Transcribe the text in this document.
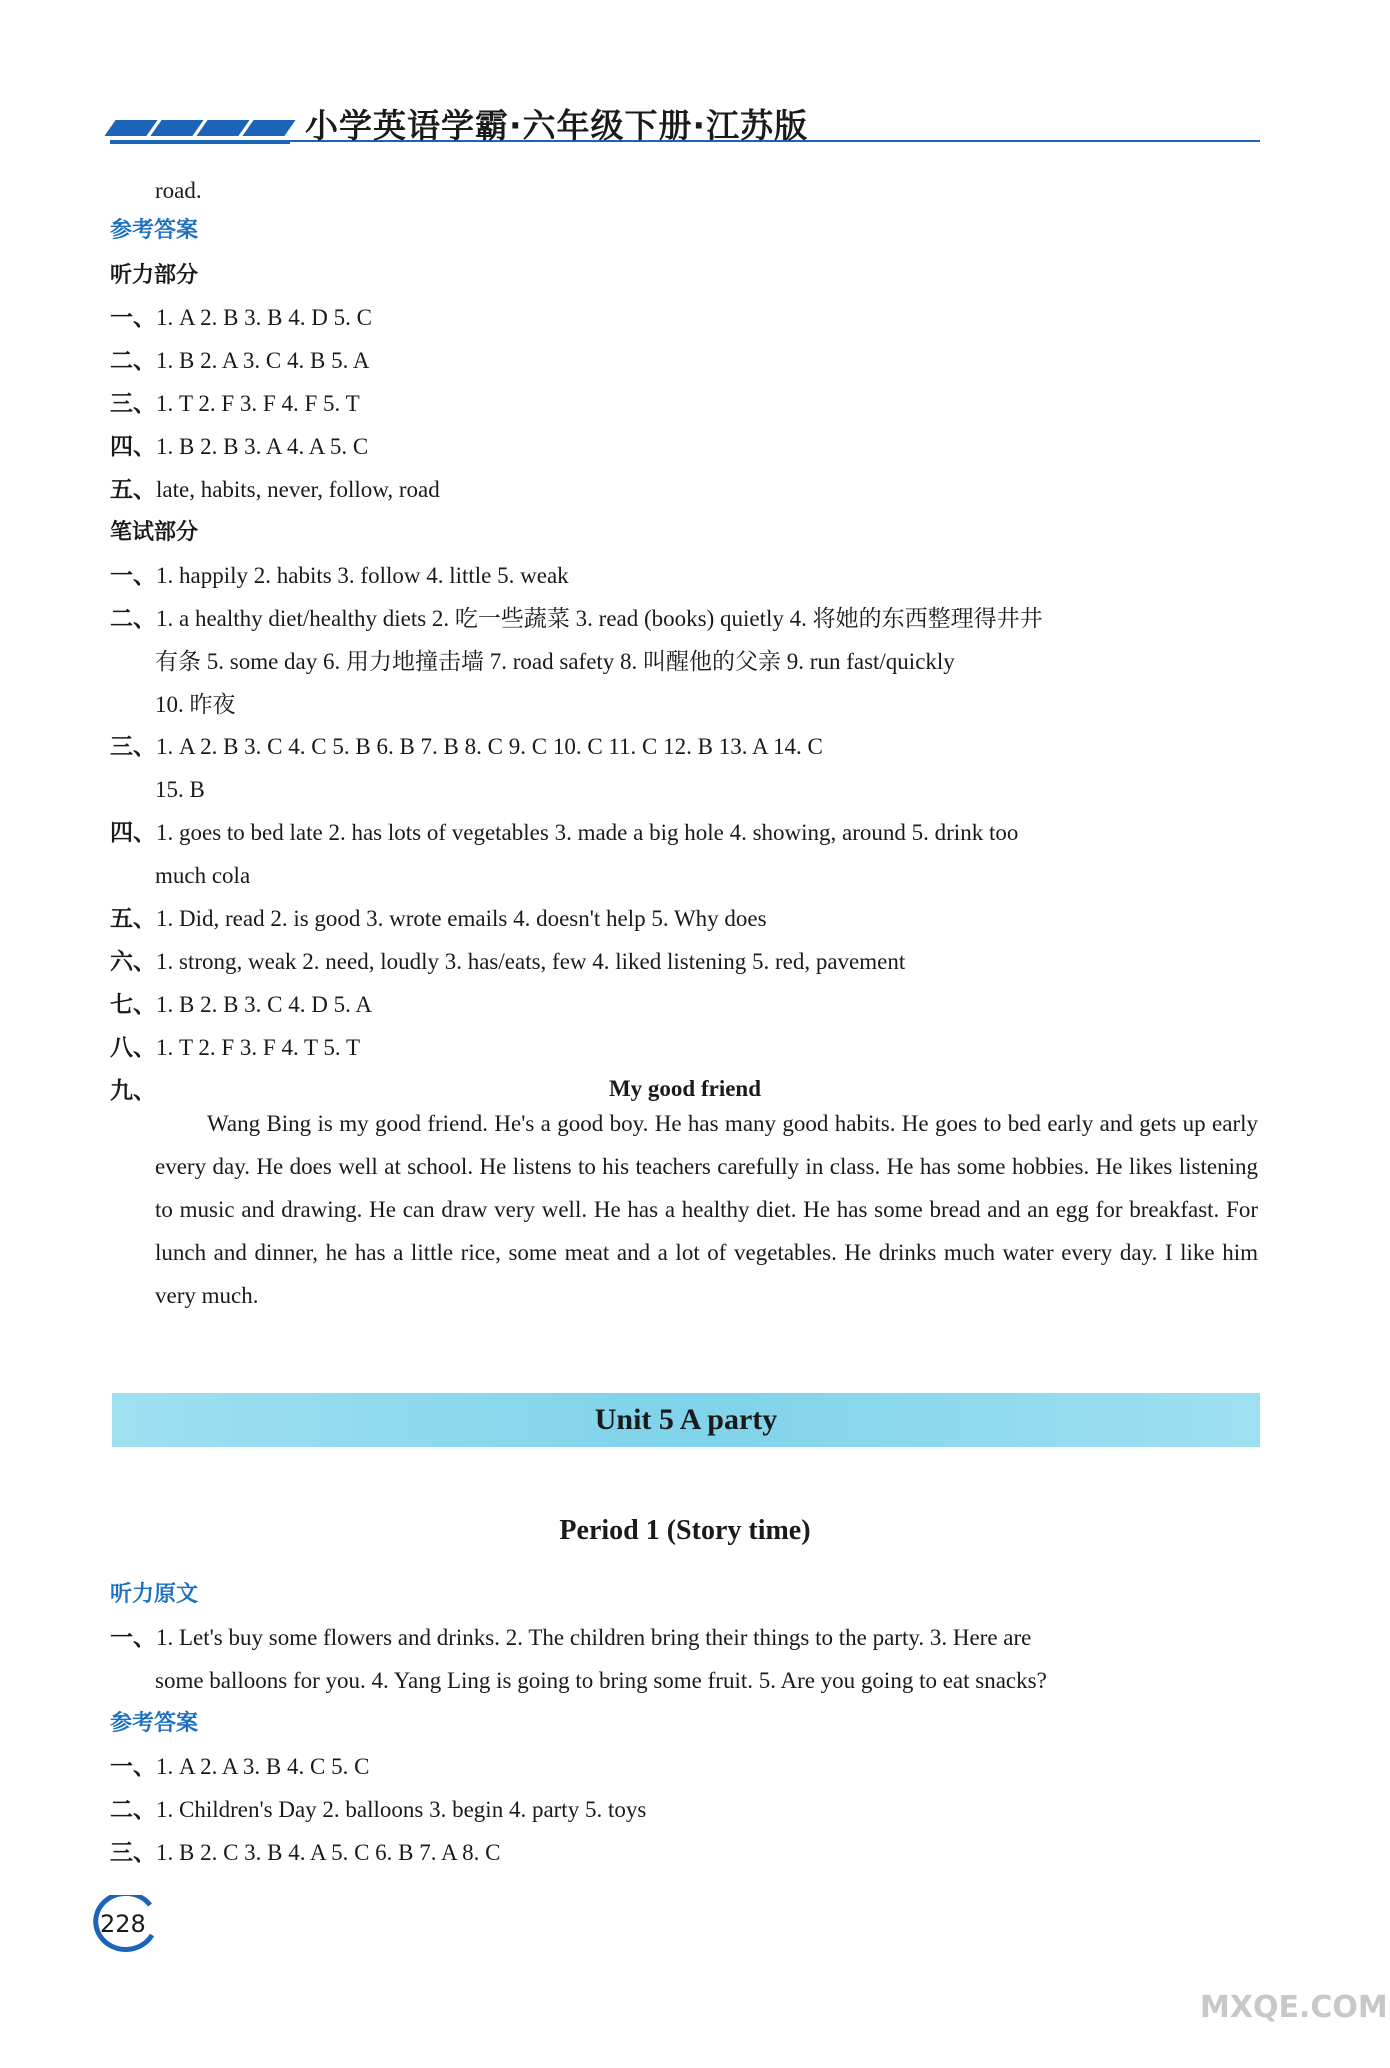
小学英语学霸·六年级下册·江苏版
road.
参考答案
听力部分
一、1. A 2. B 3. B 4. D 5. C
二、1. B 2. A 3. C 4. B 5. A
三、1. T 2. F 3. F 4. F 5. T
四、1. B 2. B 3. A 4. A 5. C
五、late, habits, never, follow, road
笔试部分
一、1. happily 2. habits 3. follow 4. little 5. weak
二、1. a healthy diet/healthy diets 2. 吃一些蔬菜 3. read (books) quietly 4. 将她的东西整理得井井
有条 5. some day 6. 用力地撞击墙 7. road safety 8. 叫醒他的父亲 9. run fast/quickly
10. 昨夜
三、1. A 2. B 3. C 4. C 5. B 6. B 7. B 8. C 9. C 10. C 11. C 12. B 13. A 14. C
15. B
四、1. goes to bed late 2. has lots of vegetables 3. made a big hole 4. showing, around 5. drink too
much cola
五、1. Did, read 2. is good 3. wrote emails 4. doesn't help 5. Why does
六、1. strong, weak 2. need, loudly 3. has/eats, few 4. liked listening 5. red, pavement
七、1. B 2. B 3. C 4. D 5. A
八、1. T 2. F 3. F 4. T 5. T
九、	My good friend
Wang Bing is my good friend. He's a good boy. He has many good habits. He goes to bed early and gets up early every day. He does well at school. He listens to his teachers carefully in class. He has some hobbies. He likes listening to music and drawing. He can draw very well. He has a healthy diet. He has some bread and an egg for breakfast. For lunch and dinner, he has a little rice, some meat and a lot of vegetables. He drinks much water every day. I like him very much.
Unit 5 A party
Period 1 (Story time)
听力原文
一、1. Let's buy some flowers and drinks. 2. The children bring their things to the party. 3. Here are
some balloons for you. 4. Yang Ling is going to bring some fruit. 5. Are you going to eat snacks?
参考答案
一、1. A 2. A 3. B 4. C 5. C
二、1. Children's Day 2. balloons 3. begin 4. party 5. toys
三、1. B 2. C 3. B 4. A 5. C 6. B 7. A 8. C
228
MXQE.COM
